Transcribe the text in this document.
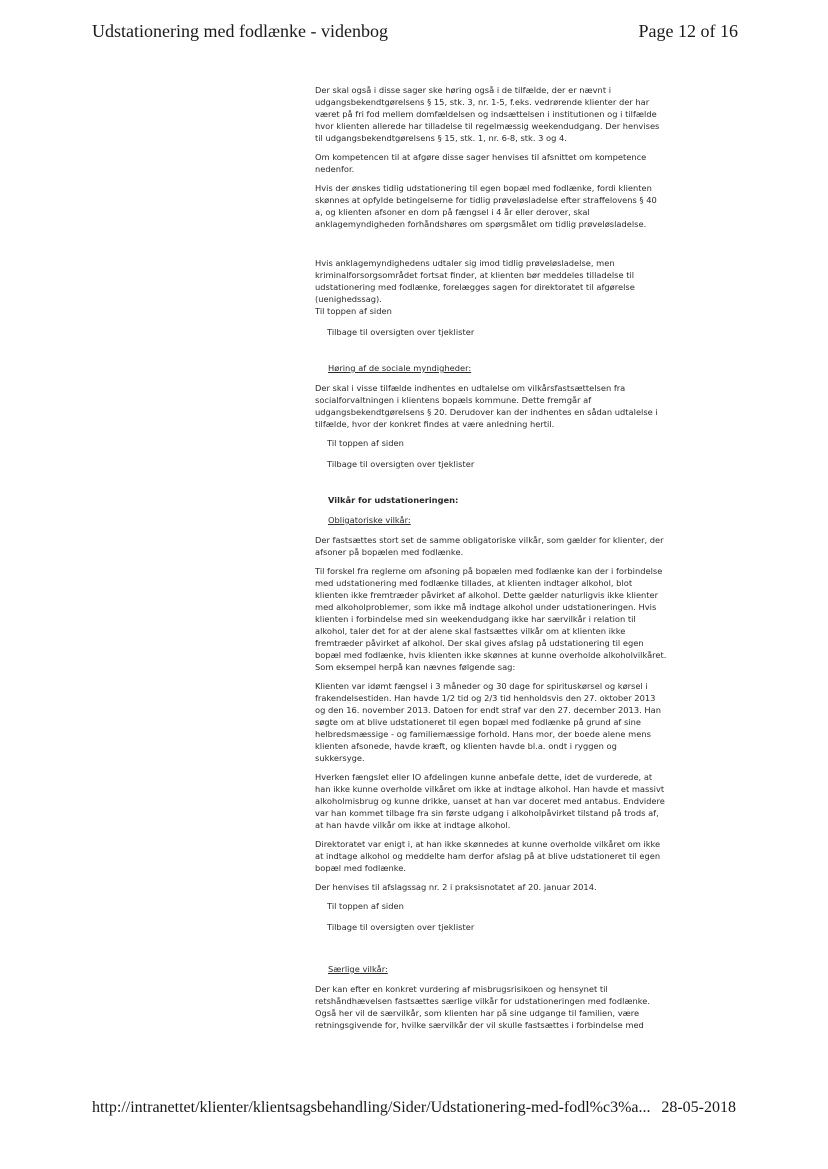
Udstationering med fodlænke - videnbog	Page 12 of 16

Der skal også i disse sager ske høring også i de tilfælde, der er nævnt i udgangsbekendtgørelsens § 15, stk. 3, nr. 1-5, f.eks. vedrørende klienter der har været på fri fod mellem domfældelsen og indsættelsen i institutionen og i tilfælde hvor klienten allerede har tilladelse til regelmæssig weekendudgang. Der henvises til udgangsbekendtgørelsens § 15, stk. 1, nr. 6-8, stk. 3 og 4.

Om kompetencen til at afgøre disse sager henvises til afsnittet om kompetence nedenfor.

Hvis der ønskes tidlig udstationering til egen bopæl med fodlænke, fordi klienten skønnes at opfylde betingelserne for tidlig prøveløsladelse efter straffelovens § 40 a, og klienten afsoner en dom på fængsel i 4 år eller derover, skal anklagemyndigheden forhåndshøres om spørgsmålet om tidlig prøveløsladelse.

Hvis anklagemyndighedens udtaler sig imod tidlig prøveløsladelse, men kriminalforsorgsområdet fortsat finder, at klienten bør meddeles tilladelse til udstationering med fodlænke, forelægges sagen for direktoratet til afgørelse (uenighedssag).

Til toppen af siden
Tilbage til oversigten over tjeklister
Høring af de sociale myndigheder:

Der skal i visse tilfælde indhentes en udtalelse om vilkårsfastsættelsen fra socialforvaltningen i klientens bopæls kommune. Dette fremgår af udgangsbekendtgørelsens § 20. Derudover kan der indhentes en sådan udtalelse i tilfælde, hvor der konkret findes at være anledning hertil.

Til toppen af siden
Tilbage til oversigten over tjeklister
Vilkår for udstationeringen:
Obligatoriske vilkår:

Der fastsættes stort set de samme obligatoriske vilkår, som gælder for klienter, der afsoner på bopælen med fodlænke.

Til forskel fra reglerne om afsoning på bopælen med fodlænke kan der i forbindelse med udstationering med fodlænke tillades, at klienten indtager alkohol, blot klienten ikke fremtræder påvirket af alkohol. Dette gælder naturligvis ikke klienter med alkoholproblemer, som ikke må indtage alkohol under udstationeringen. Hvis klienten i forbindelse med sin weekendudgang ikke har særvilkår i relation til alkohol, taler det for at der alene skal fastsættes vilkår om at klienten ikke fremtræder påvirket af alkohol. Der skal gives afslag på udstationering til egen bopæl med fodlænke, hvis klienten ikke skønnes at kunne overholde alkoholvilkåret. Som eksempel herpå kan nævnes følgende sag:

Klienten var idømt fængsel i 3 måneder og 30 dage for spirituskørsel og kørsel i frakendelsestiden. Han havde 1/2 tid og 2/3 tid henholdsvis den 27. oktober 2013 og den 16. november 2013. Datoen for endt straf var den 27. december 2013. Han søgte om at blive udstationeret til egen bopæl med fodlænke på grund af sine helbredsmæssige - og familiemæssige forhold. Hans mor, der boede alene mens klienten afsonede, havde kræft, og klienten havde bl.a. ondt i ryggen og sukkersyge.

Hverken fængslet eller IO afdelingen kunne anbefale dette, idet de vurderede, at han ikke kunne overholde vilkåret om ikke at indtage alkohol. Han havde et massivt alkoholmisbrug og kunne drikke, uanset at han var doceret med antabus. Endvidere var han kommet tilbage fra sin første udgang i alkoholpåvirket tilstand på trods af, at han havde vilkår om ikke at indtage alkohol.

Direktoratet var enigt i, at han ikke skønnedes at kunne overholde vilkåret om ikke at indtage alkohol og meddelte ham derfor afslag på at blive udstationeret til egen bopæl med fodlænke.

Der henvises til afslagssag nr. 2 i praksisnotatet af 20. januar 2014.

Til toppen af siden
Tilbage til oversigten over tjeklister
Særlige vilkår:

Der kan efter en konkret vurdering af misbrugsrisikoen og hensynet til retshåndhævelsen fastsættes særlige vilkår for udstationeringen med fodlænke. Også her vil de særvilkår, som klienten har på sine udgange til familien, være retningsgivende for, hvilke særvilkår der vil skulle fastsættes i forbindelse med

http://intranettet/klienter/klientsagsbehandling/Sider/Udstationering-med-fodl%c3%a... 28-05-2018
